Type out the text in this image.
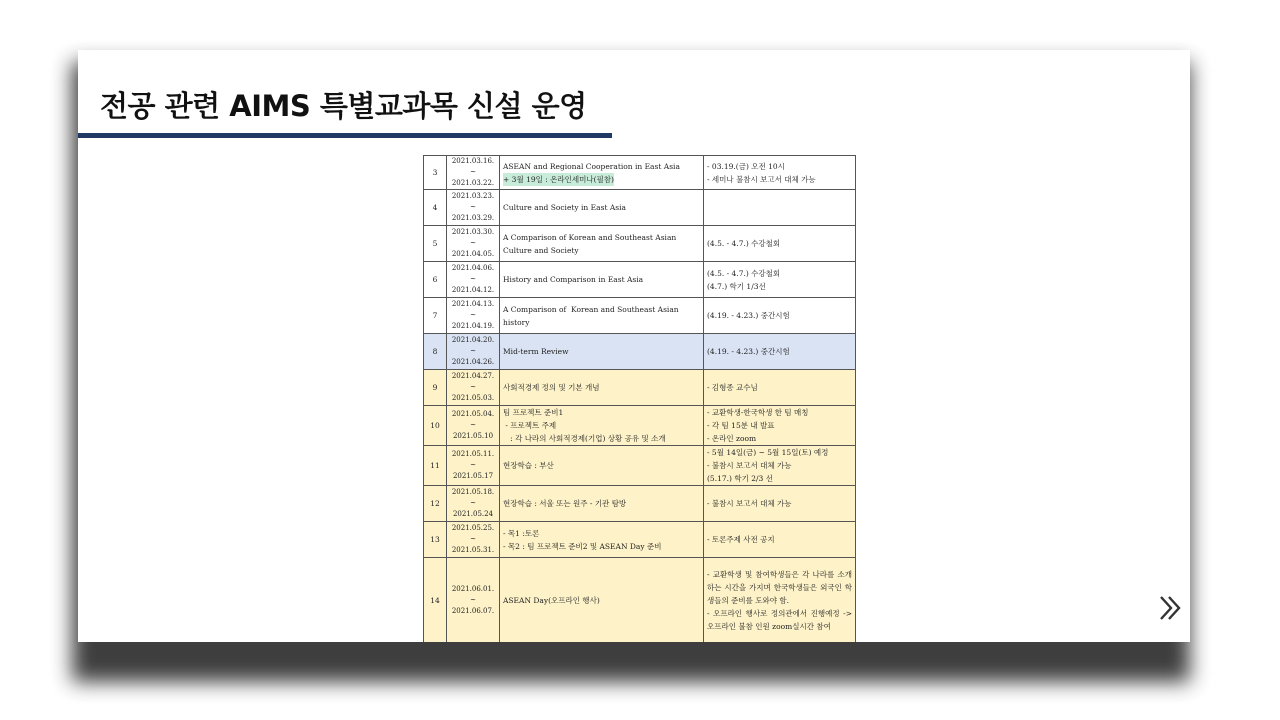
전공 관련 AIMS 특별교과목 신설 운영
3	2021.03.16.
~
2021.03.22.	ASEAN and Regional Cooperation in East Asia
+ 3월 19일 : 온라인세미나(필참)	- 03.19.(금) 오전 10시
- 세미나 불참시 보고서 대체 가능

4	2021.03.23.
~
2021.03.29.	Culture and Society in East Asia	

5	2021.03.30.
~
2021.04.05.	A Comparison of Korean and Southeast Asian
Culture and Society	(4.5. - 4.7.) 수강철회

6	2021.04.06.
~
2021.04.12.	History and Comparison in East Asia	(4.5. - 4.7.) 수강철회
(4.7.) 학기 1/3선

7	2021.04.13.
~
2021.04.19.	A Comparison of  Korean and Southeast Asian
history	(4.19. - 4.23.) 중간시험

8	2021.04.20.
~
2021.04.26.	Mid-term Review	(4.19. - 4.23.) 중간시험

9	2021.04.27.
~
2021.05.03.	사회적경제 정의 및 기본 개념	- 김형종 교수님

10	2021.05.04.
~
2021.05.10	팀 프로젝트 준비1
- 프로젝트 주제
: 각 나라의 사회적경제(기업) 상황 공유 및 소개	- 교환학생-한국학생 한 팀 매칭
- 각 팀 15분 내 발표
- 온라인 zoom

11	2021.05.11.
~
2021.05.17	현장학습 : 부산	- 5월 14일(금) ~ 5월 15일(토) 예정
- 불참시 보고서 대체 가능
(5.17.) 학기 2/3 선

12	2021.05.18.
~
2021.05.24	현장학습 : 서울 또는 원주 - 기관 탐방	- 불참시 보고서 대체 가능

13	2021.05.25.
~
2021.05.31.	- 목1 :토론
- 목2 : 팀 프로젝트 준비2 및 ASEAN Day 준비	- 토론주제 사전 공지

14	2021.06.01.
~
2021.06.07.	ASEAN Day(오프라인 행사)	- 교환학생 및 참여학생들은 각 나라를 소개하는 시간을 가지며 한국학생들은 외국인 학생들의 준비를 도와야 함.
- 오프라인 행사로 정의관에서 진행예정 -> 오프라인 불참 인원 zoom실시간 참여
